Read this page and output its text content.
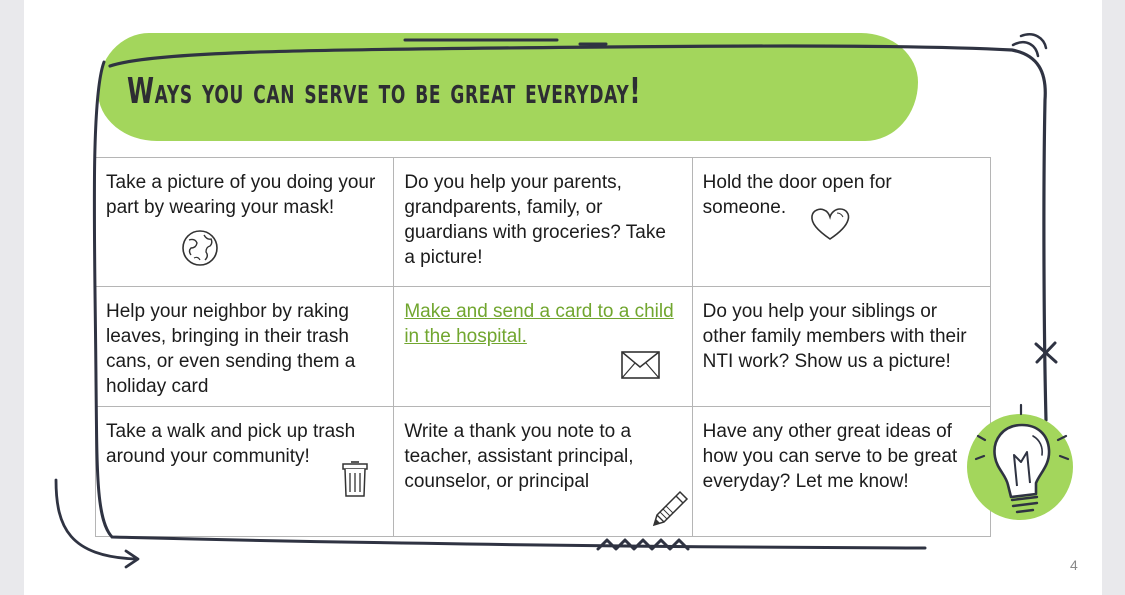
Ways you can serve to be great everyday!
Take a picture of you doing your part by wearing your mask!	Do you help your parents, grandparents, family, or guardians with groceries? Take a picture!	Hold the door open for someone.

Help your neighbor by raking leaves, bringing in their trash cans, or even sending them a holiday card	Make and send a card to a child in the hospital.	Do you help your siblings or other family members with their NTI work? Show us a picture!
Take a walk and pick up trash around your community!	Write a thank you note to a teacher, assistant principal, counselor, or principal	Have any other great ideas of how you can serve to be great everyday? Let me know!
4
